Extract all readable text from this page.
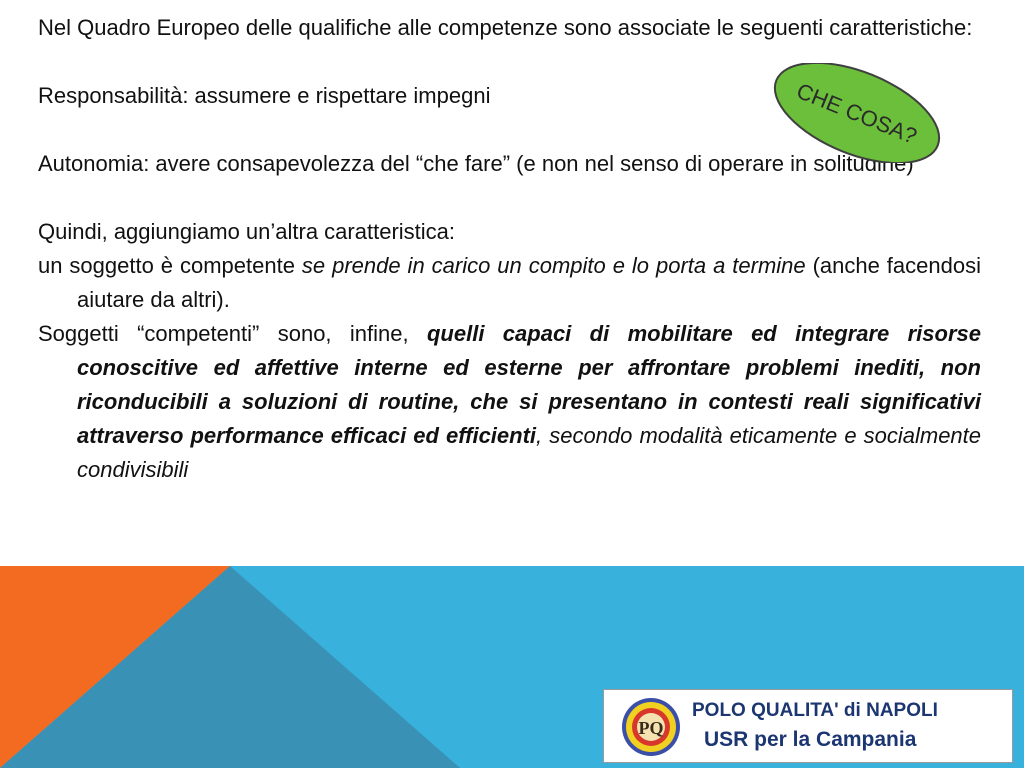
Nel Quadro Europeo delle qualifiche alle competenze sono associate le seguenti caratteristiche:

Responsabilità: assumere e rispettare impegni

Autonomia: avere consapevolezza del “che fare” (e non nel senso di operare in solitudine)

Quindi, aggiungiamo un’altra caratteristica:

un soggetto è competente se prende in carico un compito e lo porta a termine (anche facendosi aiutare da altri).

Soggetti “competenti” sono, infine, quelli capaci di mobilitare ed integrare risorse conoscitive ed affettive interne ed esterne per affrontare problemi inediti, non riconducibili a soluzioni di routine, che si presentano in contesti reali significativi attraverso performance efficaci ed efficienti, secondo modalità eticamente e socialmente condivisibili

CHE COSA?
PQ
POLO QUALITA' di NAPOLI
USR per la Campania
